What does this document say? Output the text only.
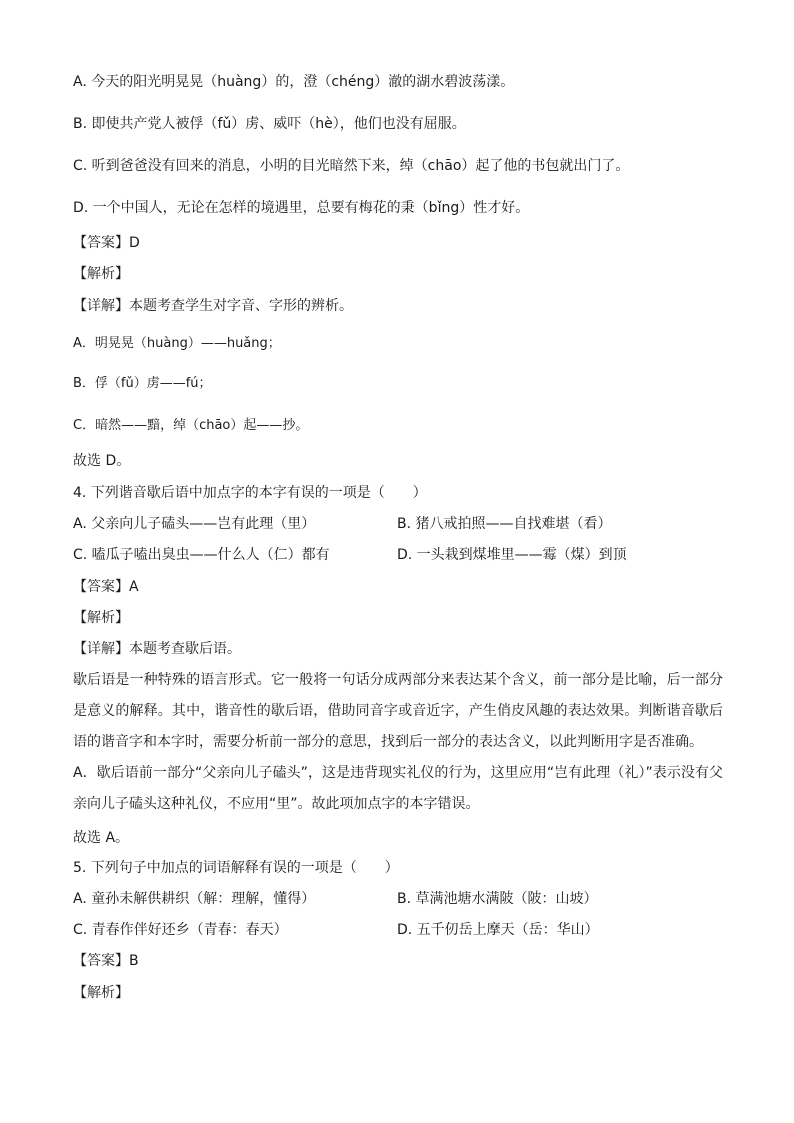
A. 今天的阳光明晃晃（huàng）的，澄（chéng）澈的湖水碧波荡漾。
B. 即使共产党人被俘（fǔ）虏、威吓（hè），他们也没有屈服。
C. 听到爸爸没有回来的消息，小明的目光暗然下来，绰（chāo）起了他的书包就出门了。
D. 一个中国人，无论在怎样的境遇里，总要有梅花的秉（bǐng）性才好。
【答案】D
【解析】
【详解】本题考查学生对字音、字形的辨析。
A．明晃晃（huàng）——huǎng；
B．俘（fǔ）虏——fú；
C．暗然——黯，绰（chāo）起——抄。
故选 D。
4. 下列谐音歇后语中加点字的本字有误的一项是（　　）
A. 父亲向儿子磕头——岂有此理（里）	B. 猪八戒拍照——自找难堪（看）
C. 嗑瓜子嗑出臭虫——什么人（仁）都有	D. 一头栽到煤堆里——霉（煤）到顶
【答案】A
【解析】
【详解】本题考查歇后语。
歇后语是一种特殊的语言形式。它一般将一句话分成两部分来表达某个含义，前一部分是比喻，后一部分是意义的解释。其中，谐音性的歇后语，借助同音字或音近字，产生俏皮风趣的表达效果。判断谐音歇后语的谐音字和本字时，需要分析前一部分的意思，找到后一部分的表达含义，以此判断用字是否准确。
A．歇后语前一部分“父亲向儿子磕头”，这是违背现实礼仪的行为，这里应用“岂有此理（礼）”表示没有父亲向儿子磕头这种礼仪，不应用“里”。故此项加点字的本字错误。
故选 A。
5. 下列句子中加点的词语解释有误的一项是（　　）
A. 童孙未解供耕织（解：理解，懂得）	B. 草满池塘水满陂（陂：山坡）
C. 青春作伴好还乡（青春：春天）	D. 五千仞岳上摩天（岳：华山）
【答案】B
【解析】
